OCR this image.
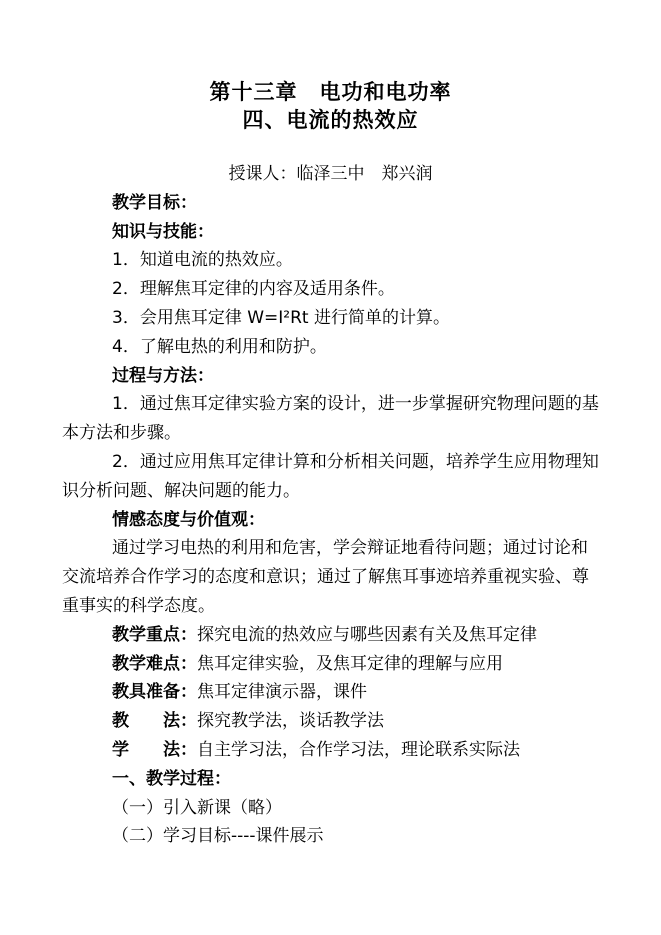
第十三章　电功和电功率
四、电流的热效应

授课人：临泽三中　郑兴润

教学目标：

知识与技能：

1．知道电流的热效应。

2．理解焦耳定律的内容及适用条件。

3．会用焦耳定律 W=I²Rt 进行简单的计算。

4．了解电热的利用和防护。

过程与方法：

1．通过焦耳定律实验方案的设计，进一步掌握研究物理问题的基本方法和步骤。

2．通过应用焦耳定律计算和分析相关问题，培养学生应用物理知识分析问题、解决问题的能力。

情感态度与价值观：

通过学习电热的利用和危害，学会辩证地看待问题；通过讨论和交流培养合作学习的态度和意识；通过了解焦耳事迹培养重视实验、尊重事实的科学态度。

教学重点：探究电流的热效应与哪些因素有关及焦耳定律

教学难点：焦耳定律实验，及焦耳定律的理解与应用

教具准备：焦耳定律演示器，课件

教　　法：探究教学法，谈话教学法

学　　法：自主学习法，合作学习法，理论联系实际法

一、教学过程：

（一）引入新课（略）

（二）学习目标----课件展示
